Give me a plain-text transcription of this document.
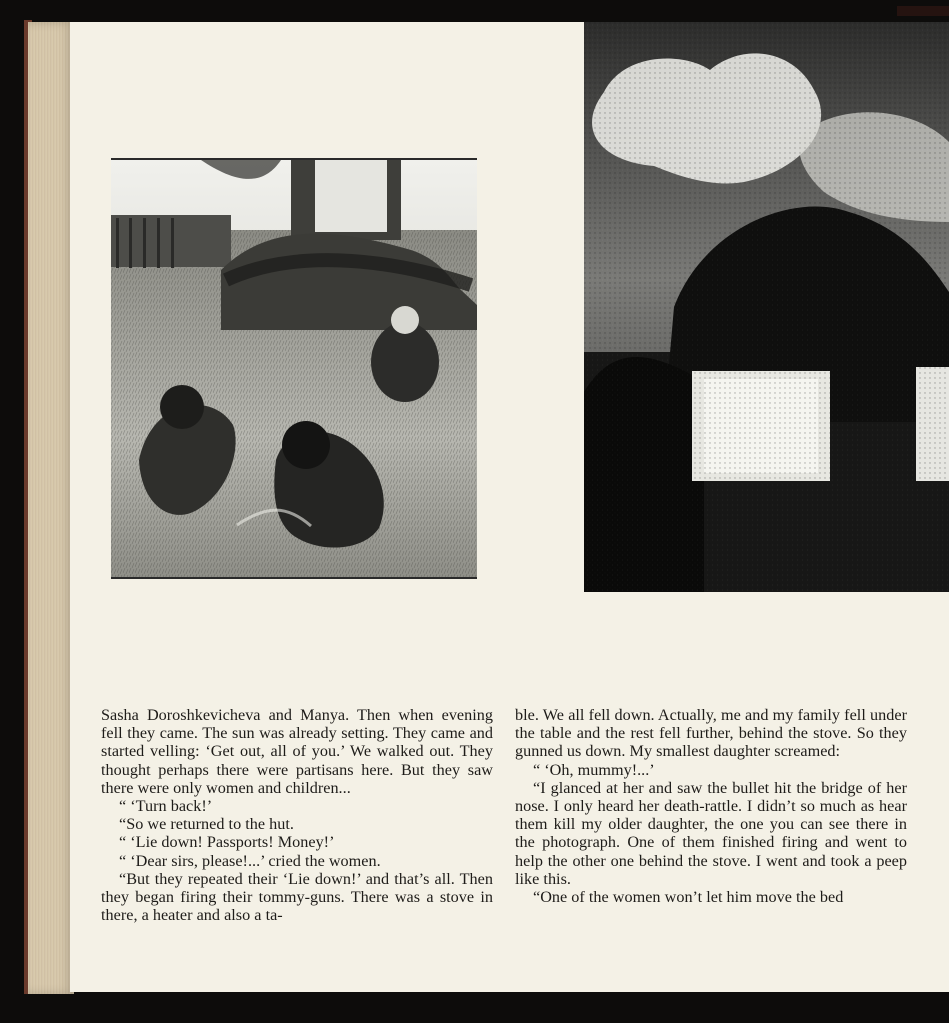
Sasha Doroshkevicheva and Manya. Then when evening fell they came. The sun was already setting. They came and started velling: ‘Get out, all of you.’ We walked out. They thought perhaps there were partisans here. But they saw there were only women and children...

“ ‘Turn back!’

“So we returned to the hut.

“ ‘Lie down! Passports! Money!’

“ ‘Dear sirs, please!...’ cried the women.

“But they repeated their ‘Lie down!’ and that’s all. Then they began firing their tommy-guns. There was a stove in there, a heater and also a ta-

ble. We all fell down. Actually, me and my family fell under the table and the rest fell further, behind the stove. So they gunned us down. My smallest daughter screamed:

“ ‘Oh, mummy!...’

“I glanced at her and saw the bullet hit the bridge of her nose. I only heard her death-rattle. I didn’t so much as hear them kill my older daughter, the one you can see there in the photograph. One of them finished firing and went to help the other one behind the stove. I went and took a peep like this.

“One of the women won’t let him move the bed
